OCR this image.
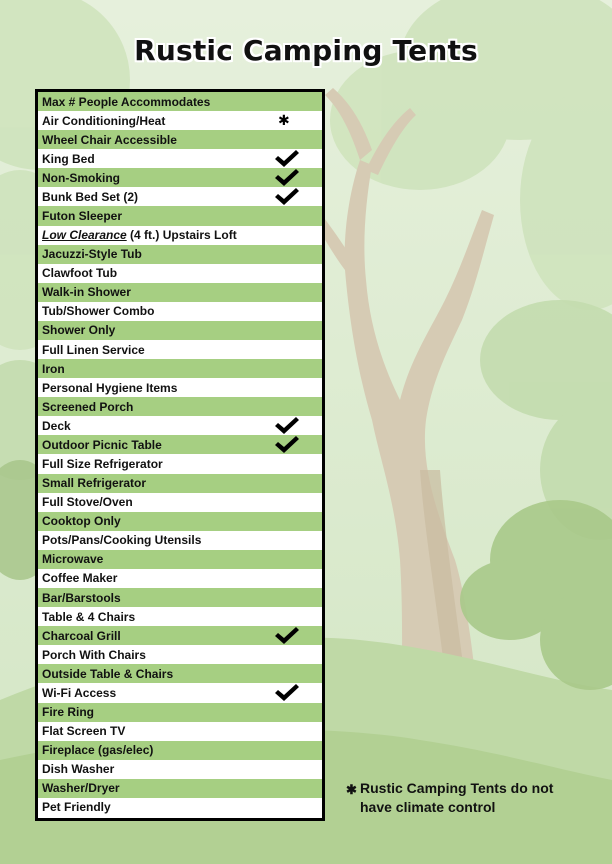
Rustic Camping Tents
Max # People Accommodates
Air Conditioning/Heat	✱
Wheel Chair Accessible
King Bed
Non-Smoking
Bunk Bed Set (2)
Futon Sleeper
Low Clearance (4 ft.) Upstairs Loft
Jacuzzi-Style Tub
Clawfoot Tub
Walk-in Shower
Tub/Shower Combo
Shower Only
Full Linen Service
Iron
Personal Hygiene Items
Screened Porch
Deck
Outdoor Picnic Table
Full Size Refrigerator
Small Refrigerator
Full Stove/Oven
Cooktop Only
Pots/Pans/Cooking Utensils
Microwave
Coffee Maker
Bar/Barstools
Table & 4 Chairs
Charcoal Grill
Porch With Chairs
Outside Table & Chairs
Wi-Fi Access
Fire Ring
Flat Screen TV
Fireplace (gas/elec)
Dish Washer
Washer/Dryer
Pet Friendly
✱ Rustic Camping Tents do not
have climate control
